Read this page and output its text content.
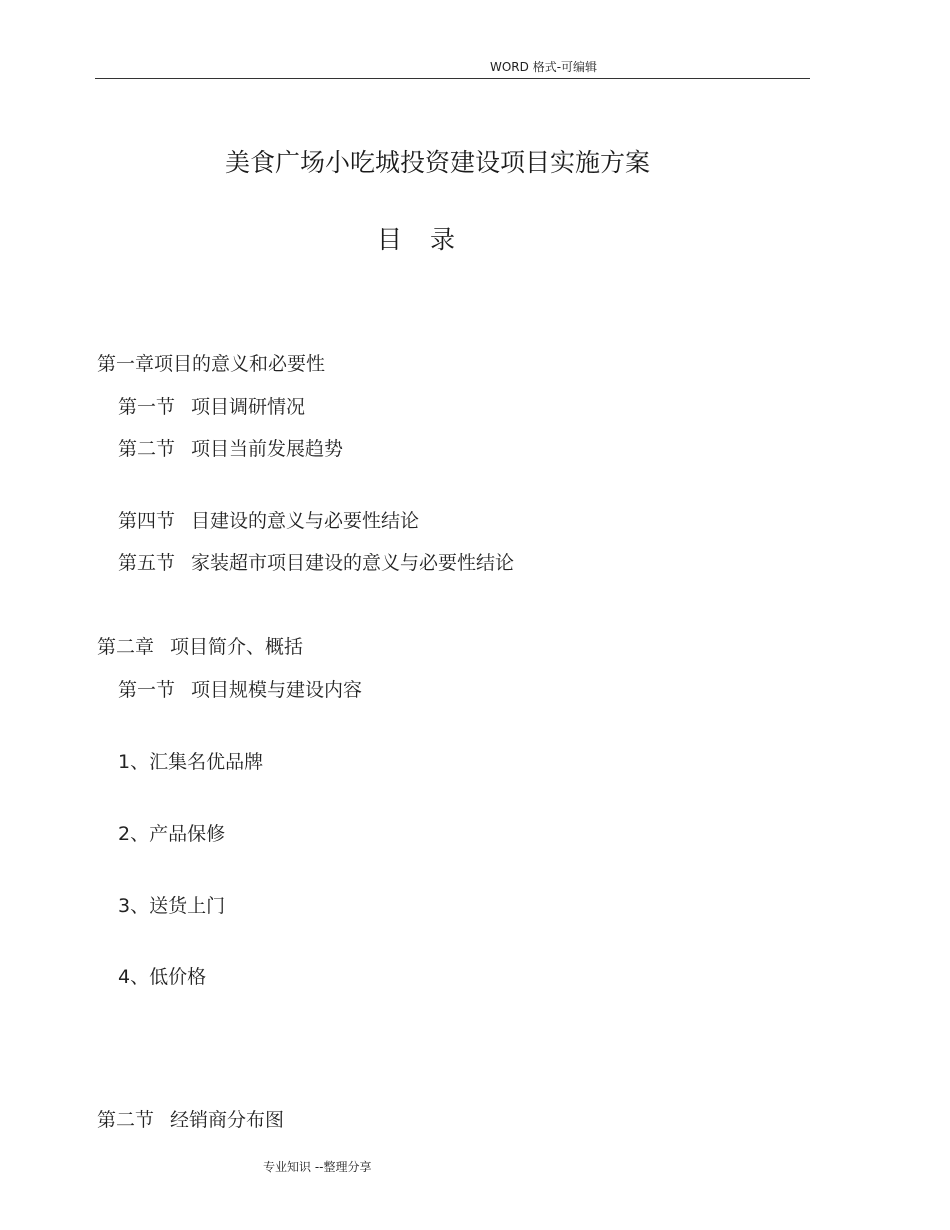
WORD 格式-可编辑
美食广场小吃城投资建设项目实施方案
目录
第一章项目的意义和必要性
第一节 项目调研情况
第二节 项目当前发展趋势
第四节 目建设的意义与必要性结论
第五节 家装超市项目建设的意义与必要性结论
第二章 项目简介、概括
第一节 项目规模与建设内容
1、汇集名优品牌
2、产品保修
3、送货上门
4、低价格
第二节 经销商分布图
专业知识 --整理分享
